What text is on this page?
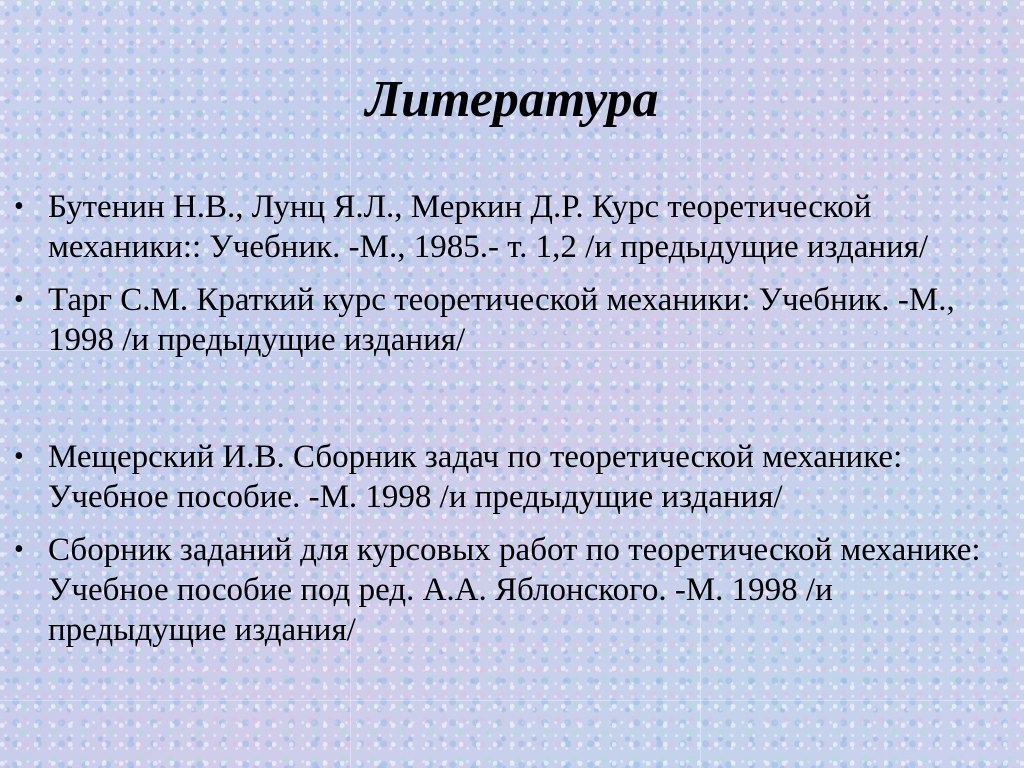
Литература
• Бутенин Н.В., Лунц Я.Л., Меркин Д.Р. Курс теоретической механики:: Учебник. -М., 1985.- т. 1,2 /и предыдущие издания/
• Тарг С.М. Краткий курс теоретической механики: Учебник. -М., 1998 /и предыдущие издания/
• Мещерский И.В. Сборник задач по теоретической механике: Учебное пособие. -М. 1998 /и предыдущие издания/
• Сборник заданий для курсовых работ по теоретической механике: Учебное пособие под ред. А.А. Яблонского. -М. 1998 /и предыдущие издания/
